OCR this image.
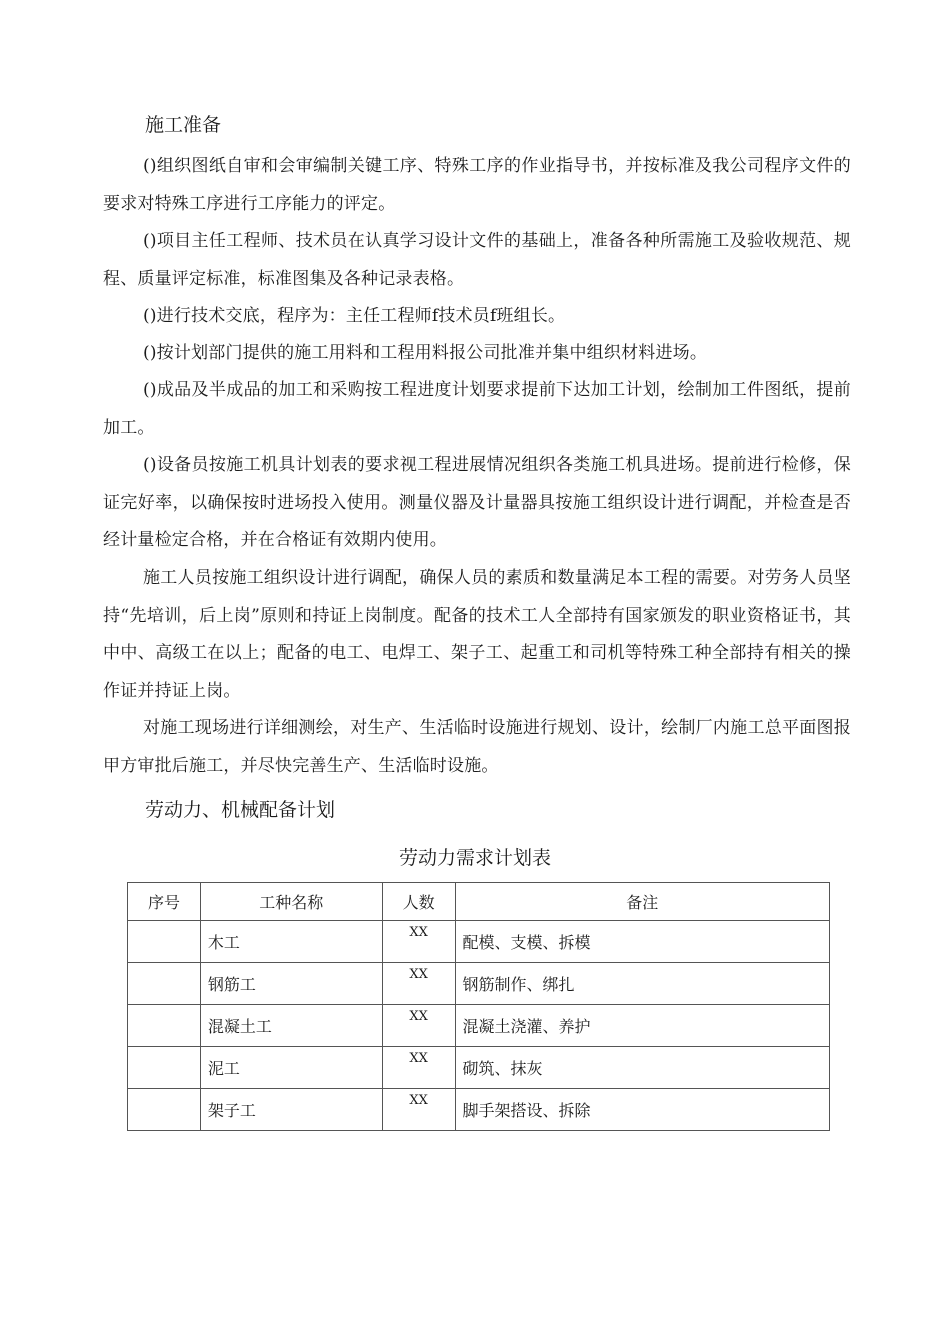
施工准备

()组织图纸自审和会审编制关键工序、特殊工序的作业指导书，并按标准及我公司程序文件的要求对特殊工序进行工序能力的评定。

()项目主任工程师、技术员在认真学习设计文件的基础上，准备各种所需施工及验收规范、规程、质量评定标准，标准图集及各种记录表格。

()进行技术交底，程序为：主任工程师f技术员f班组长。

()按计划部门提供的施工用料和工程用料报公司批准并集中组织材料进场。

()成品及半成品的加工和采购按工程进度计划要求提前下达加工计划，绘制加工件图纸，提前加工。

()设备员按施工机具计划表的要求视工程进展情况组织各类施工机具进场。提前进行检修，保证完好率，以确保按时进场投入使用。测量仪器及计量器具按施工组织设计进行调配，并检查是否经计量检定合格，并在合格证有效期内使用。

施工人员按施工组织设计进行调配，确保人员的素质和数量满足本工程的需要。对劳务人员坚持“先培训，后上岗”原则和持证上岗制度。配备的技术工人全部持有国家颁发的职业资格证书，其中中、高级工在以上；配备的电工、电焊工、架子工、起重工和司机等特殊工种全部持有相关的操作证并持证上岗。

对施工现场进行详细测绘，对生产、生活临时设施进行规划、设计，绘制厂内施工总平面图报甲方审批后施工，并尽快完善生产、生活临时设施。

劳动力、机械配备计划
劳动力需求计划表
序号	工种名称	人数	备注
	木工	XX	配模、支模、拆模
	钢筋工	XX	钢筋制作、绑扎
	混凝土工	XX	混凝土浇灌、养护
	泥工	XX	砌筑、抹灰
	架子工	XX	脚手架搭设、拆除
